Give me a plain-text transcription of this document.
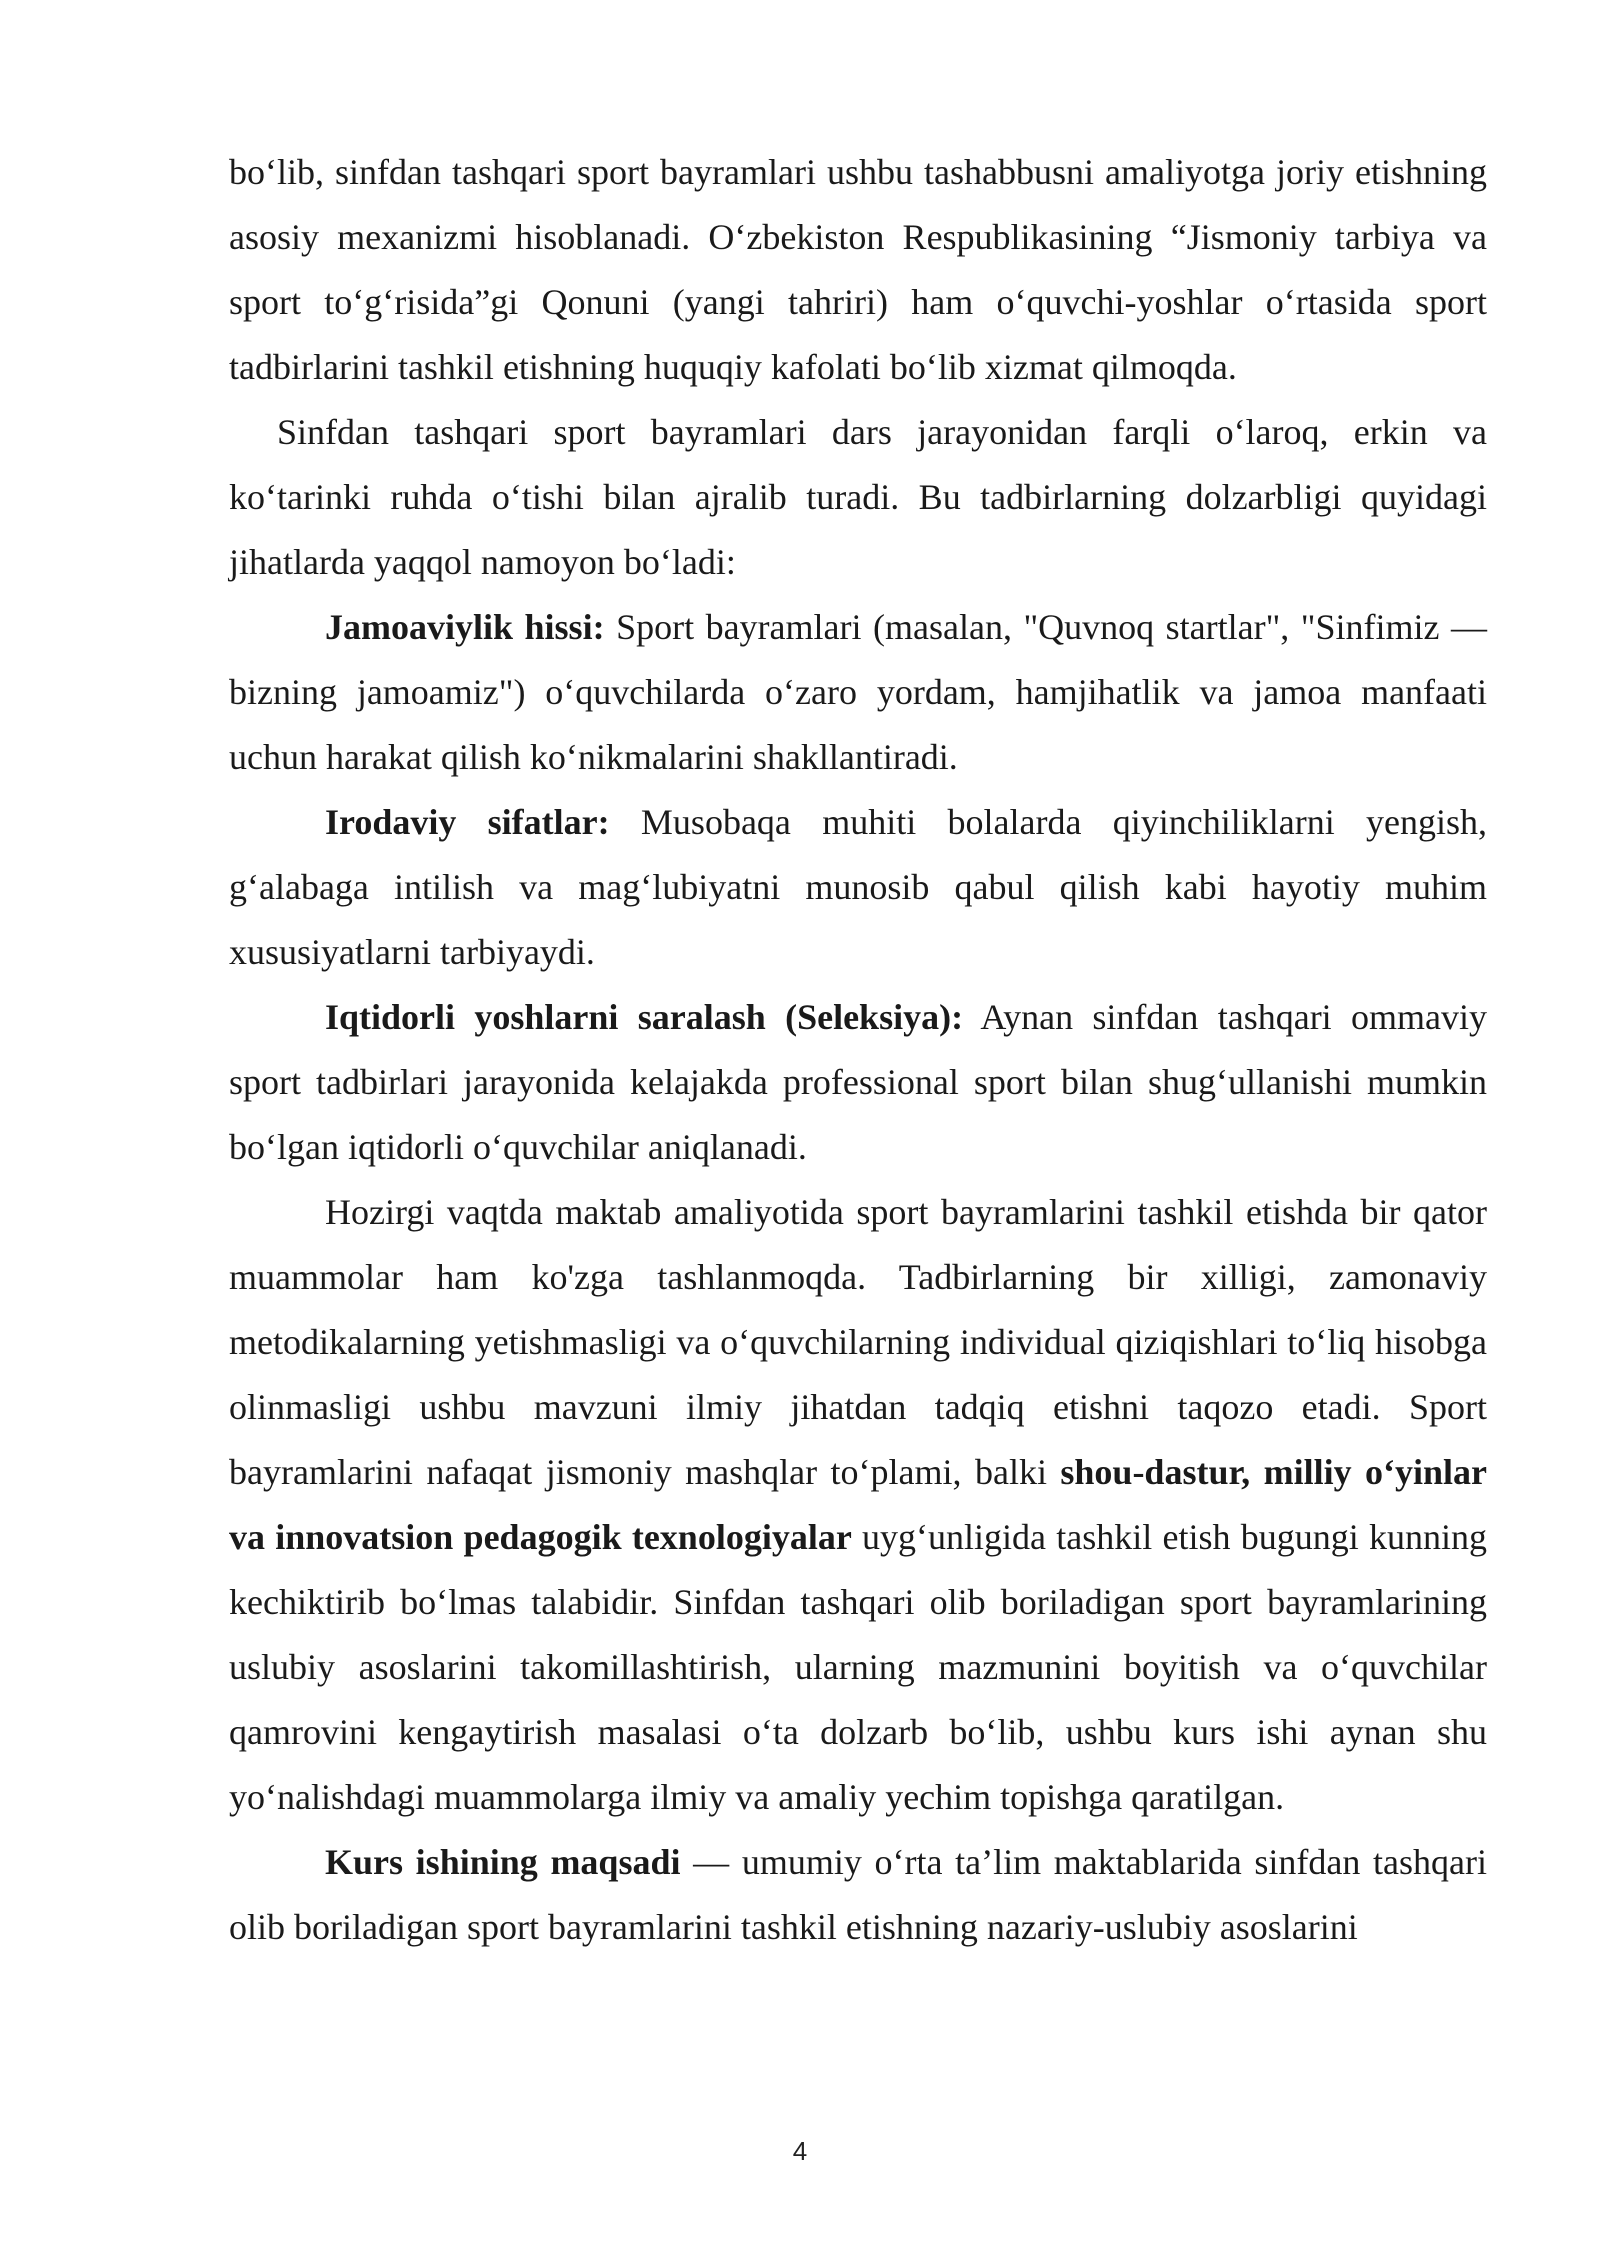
bo‘lib, sinfdan tashqari sport bayramlari ushbu tashabbusni amaliyotga joriy etishning asosiy mexanizmi hisoblanadi. O‘zbekiston Respublikasining “Jismoniy tarbiya va sport to‘g‘risida”gi Qonuni (yangi tahriri) ham o‘quvchi-yoshlar o‘rtasida sport tadbirlarini tashkil etishning huquqiy kafolati bo‘lib xizmat qilmoqda.

Sinfdan tashqari sport bayramlari dars jarayonidan farqli o‘laroq, erkin va ko‘tarinki ruhda o‘tishi bilan ajralib turadi. Bu tadbirlarning dolzarbligi quyidagi jihatlarda yaqqol namoyon bo‘ladi:

Jamoaviylik hissi: Sport bayramlari (masalan, "Quvnoq startlar", "Sinfimiz — bizning jamoamiz") o‘quvchilarda o‘zaro yordam, hamjihatlik va jamoa manfaati uchun harakat qilish ko‘nikmalarini shakllantiradi.

Irodaviy sifatlar: Musobaqa muhiti bolalarda qiyinchiliklarni yengish, g‘alabaga intilish va mag‘lubiyatni munosib qabul qilish kabi hayotiy muhim xususiyatlarni tarbiyaydi.

Iqtidorli yoshlarni saralash (Seleksiya): Aynan sinfdan tashqari ommaviy sport tadbirlari jarayonida kelajakda professional sport bilan shug‘ullanishi mumkin bo‘lgan iqtidorli o‘quvchilar aniqlanadi.

Hozirgi vaqtda maktab amaliyotida sport bayramlarini tashkil etishda bir qator muammolar ham ko'zga tashlanmoqda. Tadbirlarning bir xilligi, zamonaviy metodikalarning yetishmasligi va o‘quvchilarning individual qiziqishlari to‘liq hisobga olinmasligi ushbu mavzuni ilmiy jihatdan tadqiq etishni taqozo etadi. Sport bayramlarini nafaqat jismoniy mashqlar to‘plami, balki shou-dastur, milliy o‘yinlar va innovatsion pedagogik texnologiyalar uyg‘unligida tashkil etish bugungi kunning kechiktirib bo‘lmas talabidir. Sinfdan tashqari olib boriladigan sport bayramlarining uslubiy asoslarini takomillashtirish, ularning mazmunini boyitish va o‘quvchilar qamrovini kengaytirish masalasi o‘ta dolzarb bo‘lib, ushbu kurs ishi aynan shu yo‘nalishdagi muammolarga ilmiy va amaliy yechim topishga qaratilgan.

Kurs ishining maqsadi — umumiy o‘rta ta’lim maktablarida sinfdan tashqari olib boriladigan sport bayramlarini tashkil etishning nazariy-uslubiy asoslarini

4
